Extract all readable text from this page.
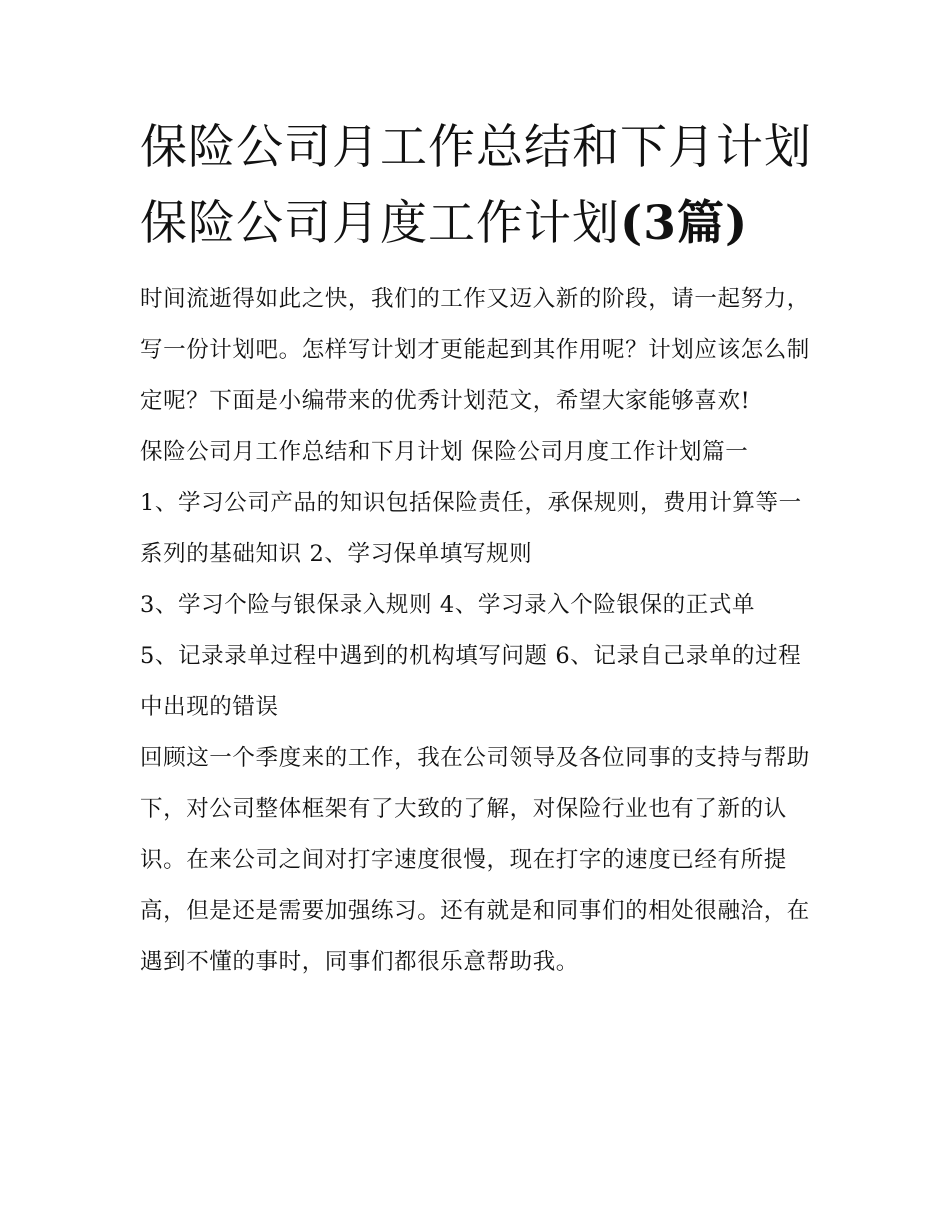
保险公司月工作总结和下月计划 保险公司月度工作计划(3篇)

时间流逝得如此之快，我们的工作又迈入新的阶段，请一起努力，写一份计划吧。怎样写计划才更能起到其作用呢？计划应该怎么制定呢？下面是小编带来的优秀计划范文，希望大家能够喜欢!

保险公司月工作总结和下月计划 保险公司月度工作计划篇一

1、学习公司产品的知识包括保险责任，承保规则，费用计算等一系列的基础知识 2、学习保单填写规则

3、学习个险与银保录入规则 4、学习录入个险银保的正式单

5、记录录单过程中遇到的机构填写问题 6、记录自己录单的过程中出现的错误

回顾这一个季度来的工作，我在公司领导及各位同事的支持与帮助下，对公司整体框架有了大致的了解，对保险行业也有了新的认识。在来公司之间对打字速度很慢，现在打字的速度已经有所提高，但是还是需要加强练习。还有就是和同事们的相处很融洽，在遇到不懂的事时，同事们都很乐意帮助我。
